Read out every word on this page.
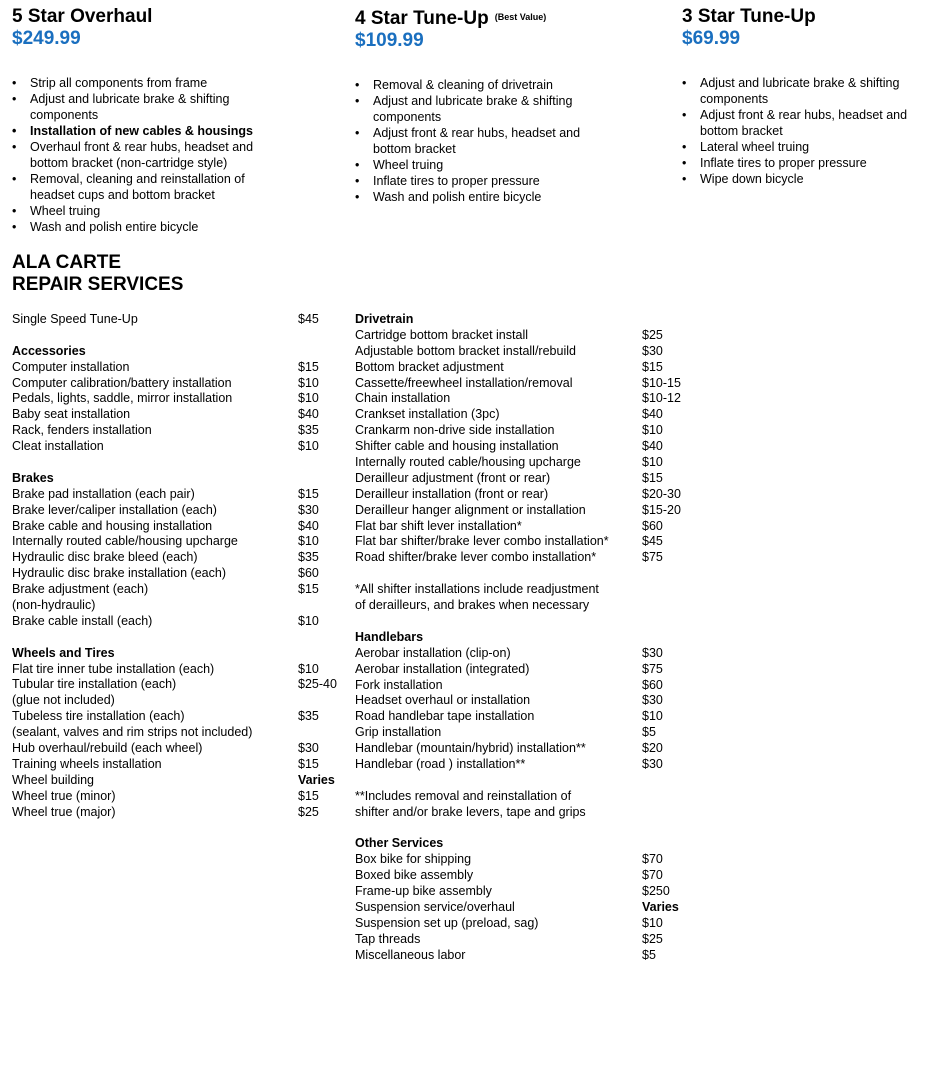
5 Star Overhaul
$249.99
• Strip all components from frame
• Adjust and lubricate brake & shifting components
• Installation of new cables & housings
• Overhaul front & rear hubs, headset and bottom bracket (non-cartridge style)
• Removal, cleaning and reinstallation of headset cups and bottom bracket
• Wheel truing
• Wash and polish entire bicycle
4 Star Tune-Up $^{(Best Value)}$
$109.99
• Removal & cleaning of drivetrain
• Adjust and lubricate brake & shifting components
• Adjust front & rear hubs, headset and bottom bracket
• Wheel truing
• Inflate tires to proper pressure
• Wash and polish entire bicycle
3 Star Tune-Up
$69.99
• Adjust and lubricate brake & shifting components
• Adjust front & rear hubs, headset and bottom bracket
• Lateral wheel truing
• Inflate tires to proper pressure
• Wipe down bicycle
ALA CARTE
REPAIR SERVICES
Single Speed Tune-Up	$45
Accessories
Computer installation	$15
Computer calibration/battery installation	$10
Pedals, lights, saddle, mirror installation	$10
Baby seat installation	$40
Rack, fenders installation	$35
Cleat installation	$10
Brakes
Brake pad installation (each pair)	$15
Brake lever/caliper installation (each)	$30
Brake cable and housing installation	$40
Internally routed cable/housing upcharge	$10
Hydraulic disc brake bleed (each)	$35
Hydraulic disc brake installation (each)	$60
Brake adjustment (each)	$15
(non-hydraulic)
Brake cable install (each)	$10
Wheels and Tires
Flat tire inner tube installation (each)	$10
Tubular tire installation (each)	$25-40
(glue not included)
Tubeless tire installation (each)	$35
(sealant, valves and rim strips not included)
Hub overhaul/rebuild (each wheel)	$30
Training wheels installation	$15
Wheel building	Varies
Wheel true (minor)	$15
Wheel true (major)	$25
Drivetrain
Cartridge bottom bracket install	$25
Adjustable bottom bracket install/rebuild	$30
Bottom bracket adjustment	$15
Cassette/freewheel installation/removal	$10-15
Chain installation	$10-12
Crankset installation (3pc)	$40
Crankarm non-drive side installation	$10
Shifter cable and housing installation	$40
Internally routed cable/housing upcharge	$10
Derailleur adjustment (front or rear)	$15
Derailleur installation (front or rear)	$20-30
Derailleur hanger alignment or installation	$15-20
Flat bar shift lever installation*	$60
Flat bar shifter/brake lever combo installation*	$45
Road shifter/brake lever combo installation*	$75
*All shifter installations include readjustment
of derailleurs, and brakes when necessary
Handlebars
Aerobar installation (clip-on)	$30
Aerobar installation (integrated)	$75
Fork installation	$60
Headset overhaul or installation	$30
Road handlebar tape installation	$10
Grip installation	$5
Handlebar (mountain/hybrid) installation**	$20
Handlebar (road ) installation**	$30
**Includes removal and reinstallation of
shifter and/or brake levers, tape and grips
Other Services
Box bike for shipping	$70
Boxed bike assembly	$70
Frame-up bike assembly	$250
Suspension service/overhaul	Varies
Suspension set up (preload, sag)	$10
Tap threads	$25
Miscellaneous labor	$5
